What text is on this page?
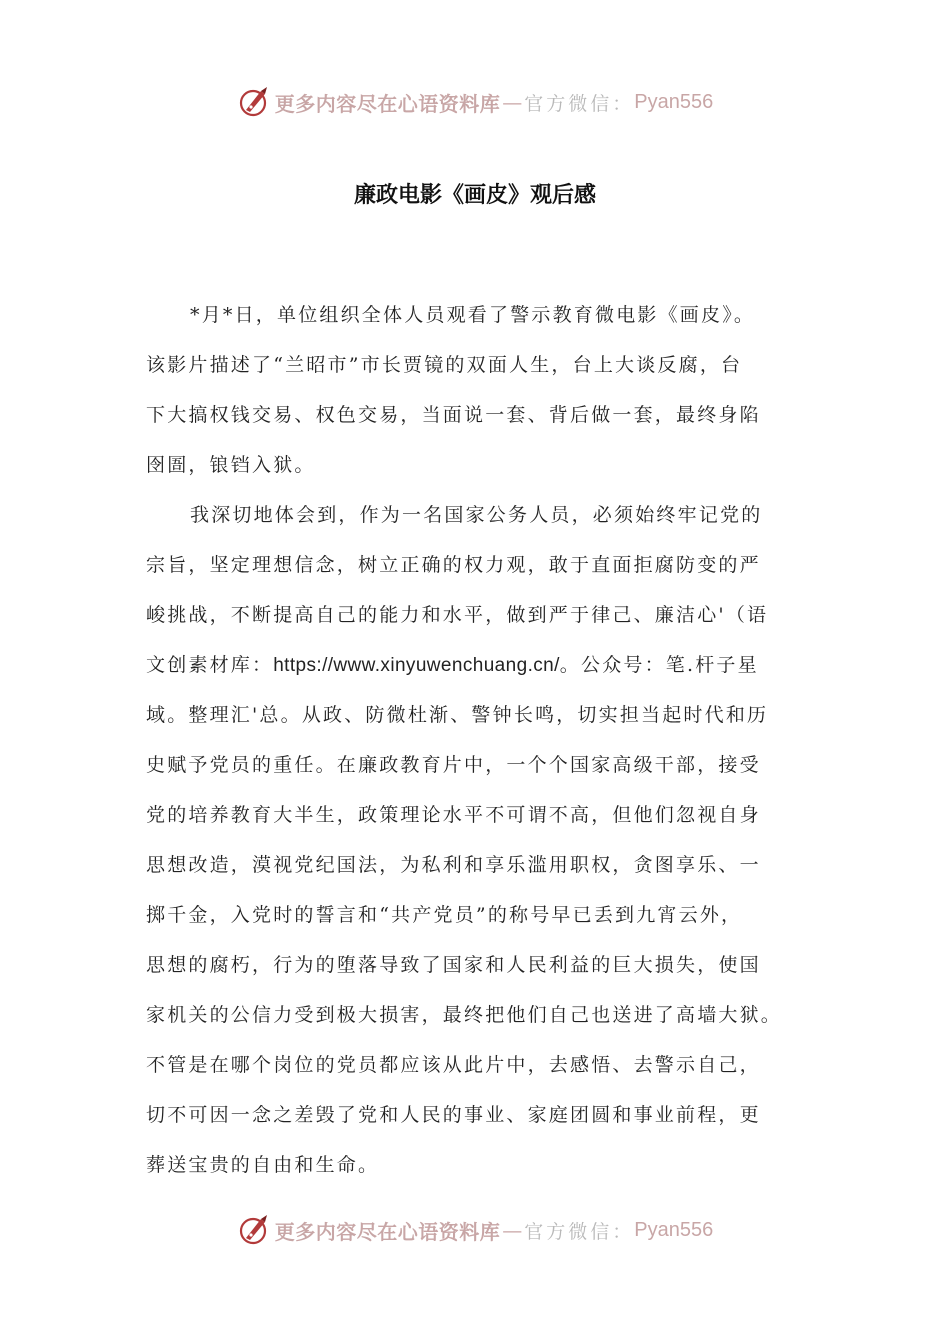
更多内容尽在心语资料库 — 官方微信： Pyan556
廉政电影《画皮》观后感
*月*日，单位组织全体人员观看了警示教育微电影《画皮》。
该影片描述了“兰昭市”市长贾镜的双面人生，台上大谈反腐，台
下大搞权钱交易、权色交易，当面说一套、背后做一套，最终身陷
囹圄，锒铛入狱。
我深切地体会到，作为一名国家公务人员，必须始终牢记党的
宗旨，坚定理想信念，树立正确的权力观，敢于直面拒腐防变的严
峻挑战，不断提高自己的能力和水平，做到严于律己、廉洁心'（语
文创素材库：https://www.xinyuwenchuang.cn/。公众号：笔.杆子星
域。整理汇'总。从政、防微杜渐、警钟长鸣，切实担当起时代和历
史赋予党员的重任。在廉政教育片中，一个个国家高级干部，接受
党的培养教育大半生，政策理论水平不可谓不高，但他们忽视自身
思想改造，漠视党纪国法，为私利和享乐滥用职权，贪图享乐、一
掷千金，入党时的誓言和“共产党员”的称号早已丢到九宵云外，
思想的腐朽，行为的堕落导致了国家和人民利益的巨大损失，使国
家机关的公信力受到极大损害，最终把他们自己也送进了高墙大狱。
不管是在哪个岗位的党员都应该从此片中，去感悟、去警示自己，
切不可因一念之差毁了党和人民的事业、家庭团圆和事业前程，更
葬送宝贵的自由和生命。
更多内容尽在心语资料库 — 官方微信： Pyan556
